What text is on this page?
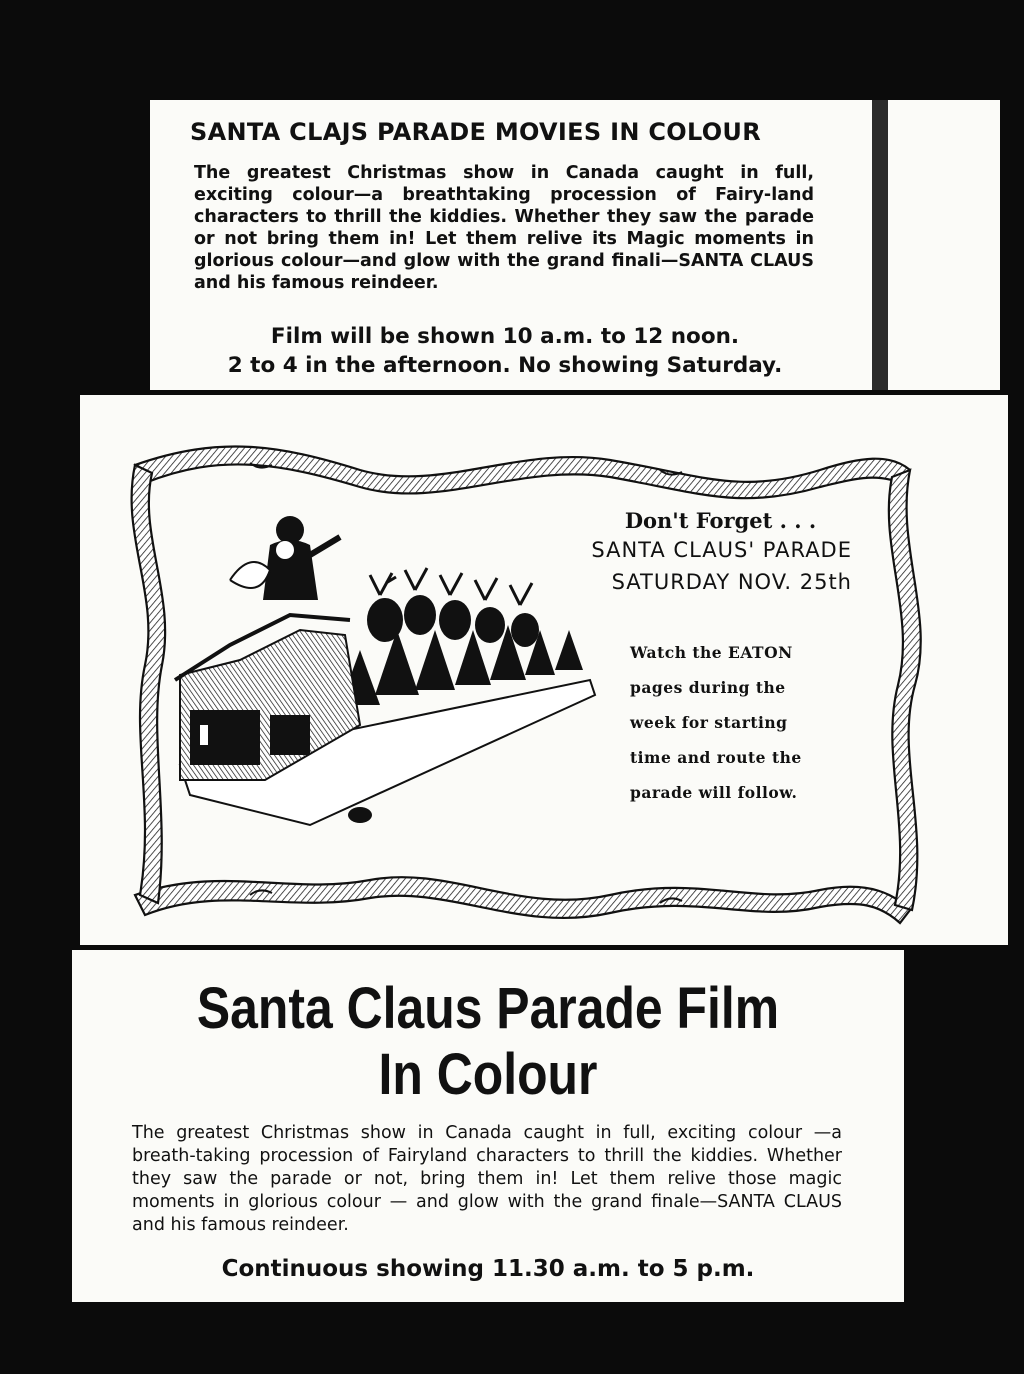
SANTA CLAJS PARADE MOVIES IN COLOUR
The greatest Christmas show in Canada caught in full, exciting colour—a breathtaking procession of Fairy-land characters to thrill the kiddies. Whether they saw the parade or not bring them in! Let them relive its Magic moments in glorious colour—and glow with the grand finali—SANTA CLAUS and his famous reindeer.
Film will be shown 10 a.m. to 12 noon.
2 to 4 in the afternoon. No showing Saturday.
Don't Forget . . .
SANTA CLAUS' PARADE
SATURDAY NOV. 25th
Watch the EATON pages during the week for starting time and route the parade will follow.
Santa Claus Parade Film
In Colour
The greatest Christmas show in Canada caught in full, exciting colour —a breath-taking procession of Fairyland characters to thrill the kiddies. Whether they saw the parade or not, bring them in! Let them relive those magic moments in glorious colour — and glow with the grand finale—SANTA CLAUS and his famous reindeer.
Continuous showing 11.30 a.m. to 5 p.m.
